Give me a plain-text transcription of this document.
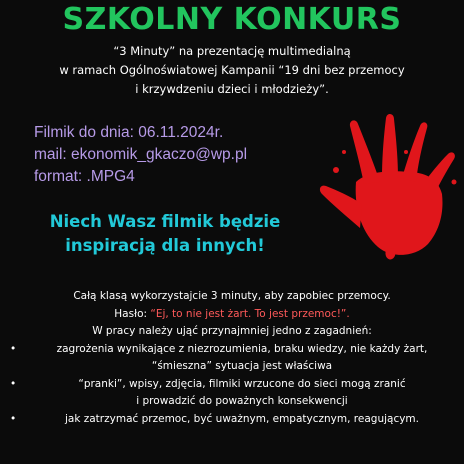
SZKOLNY KONKURS
“3 Minuty” na prezentację multimedialną
w ramach Ogólnoświatowej Kampanii “19 dni bez przemocy
i krzywdzeniu dzieci i młodzieży”.
Filmik do dnia: 06.11.2024r.
mail: ekonomik_gkaczo@wp.pl
format: .MPG4
Niech Wasz filmik będzie
inspiracją dla innych!
Całą klasą wykorzystajcie 3 minuty, aby zapobiec przemocy.
Hasło: “Ej, to nie jest żart. To jest przemoc!”.
W pracy należy ująć przynajmniej jedno z zagadnień:
•	zagrożenia wynikające z niezrozumienia, braku wiedzy, nie każdy żart,
“śmieszna” sytuacja jest właściwa
•	“pranki”, wpisy, zdjęcia, filmiki wrzucone do sieci mogą zranić
i prowadzić do poważnych konsekwencji
•	jak zatrzymać przemoc, być uważnym, empatycznym, reagującym.
